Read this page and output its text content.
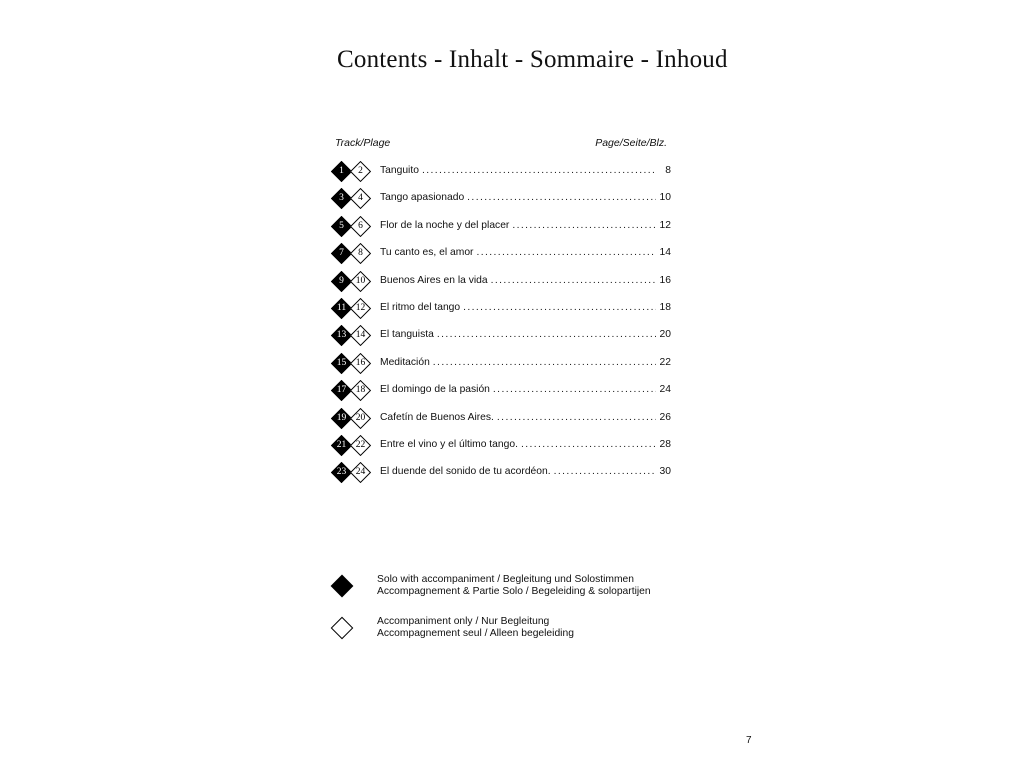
Contents - Inhalt - Sommaire - Inhoud
Track/Plage	Page/Seite/Blz.
1	2	Tanguito .....	8
3	4	Tango apasionado .....	10
5	6	Flor de la noche y del placer .....	12
7	8	Tu canto es, el amor .....	14
9	10	Buenos Aires en la vida .....	16
11	12	El ritmo del tango .....	18
13	14	El tanguista .....	20
15	16	Meditación .....	22
17	18	El domingo de la pasión .....	24
19	20	Cafetín de Buenos Aires. .....	26
21	22	Entre el vino y el último tango. .....	28
23	24	El duende del sonido de tu acordéon. .....	30
Solo with accompaniment / Begleitung und Solostimmen
Accompagnement & Partie Solo / Begeleiding & solopartijen
Accompaniment only / Nur Begleitung
Accompagnement seul / Alleen begeleiding
7
